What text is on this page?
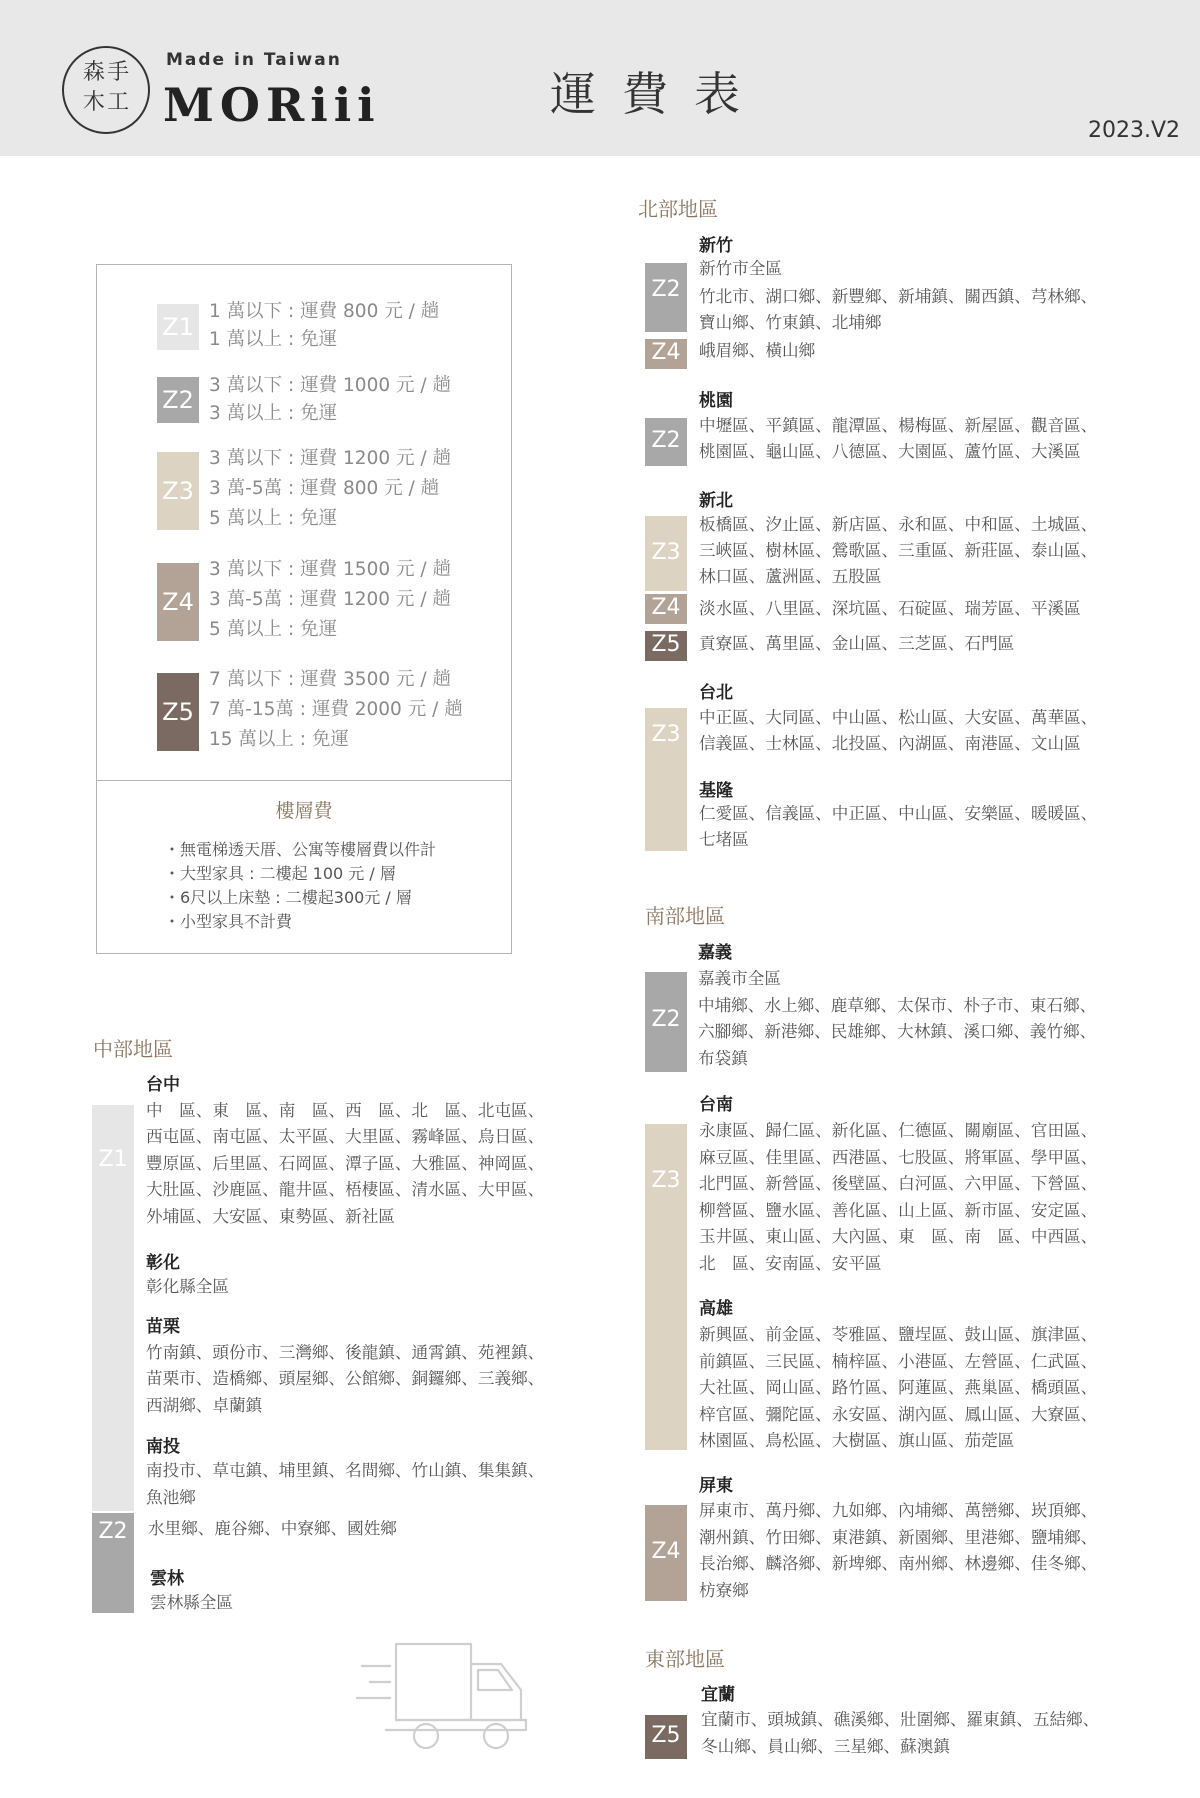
森  手
木  工
Made in Taiwan
MORiii	運費表
2023.V2
Z1
1 萬以下 : 運費 800 元 / 趟
1 萬以上 : 免運
Z2
3 萬以下 : 運費 1000 元 / 趟
3 萬以上 : 免運
Z3
3 萬以下 : 運費 1200 元 / 趟
3 萬-5萬 : 運費 800 元 / 趟
5 萬以上 : 免運
Z4
3 萬以下 : 運費 1500 元 / 趟
3 萬-5萬 : 運費 1200 元 / 趟
5 萬以上 : 免運
Z5
7 萬以下 : 運費 3500 元 / 趟
7 萬-15萬 : 運費 2000 元 / 趟
15 萬以上 : 免運
樓層費
・無電梯透天厝、公寓等樓層費以件計
・大型家具 : 二樓起 100 元 / 層
・6尺以上床墊 : 二樓起300元 / 層
・小型家具不計費
中部地區
Z1
Z2
台中
中　區、東　區、南　區、西　區、北　區、北屯區、
西屯區、南屯區、太平區、大里區、霧峰區、烏日區、
豐原區、后里區、石岡區、潭子區、大雅區、神岡區、
大肚區、沙鹿區、龍井區、梧棲區、清水區、大甲區、
外埔區、大安區、東勢區、新社區
彰化
彰化縣全區
苗栗
竹南鎮、頭份市、三灣鄉、後龍鎮、通霄鎮、苑裡鎮、
苗栗市、造橋鄉、頭屋鄉、公館鄉、銅鑼鄉、三義鄉、
西湖鄉、卓蘭鎮
南投
南投市、草屯鎮、埔里鎮、名間鄉、竹山鎮、集集鎮、
魚池鄉
水里鄉、鹿谷鄉、中寮鄉、國姓鄉
雲林
雲林縣全區
北部地區
Z2
Z4
新竹
新竹市全區
竹北市、湖口鄉、新豐鄉、新埔鎮、關西鎮、芎林鄉、
寶山鄉、竹東鎮、北埔鄉
峨眉鄉、橫山鄉
Z2
桃園
中壢區、平鎮區、龍潭區、楊梅區、新屋區、觀音區、
桃園區、龜山區、八德區、大園區、蘆竹區、大溪區
Z3
Z4
Z5
新北
板橋區、汐止區、新店區、永和區、中和區、土城區、
三峽區、樹林區、鶯歌區、三重區、新莊區、泰山區、
林口區、蘆洲區、五股區
淡水區、八里區、深坑區、石碇區、瑞芳區、平溪區
貢寮區、萬里區、金山區、三芝區、石門區
Z3
台北
中正區、大同區、中山區、松山區、大安區、萬華區、
信義區、士林區、北投區、內湖區、南港區、文山區
基隆
仁愛區、信義區、中正區、中山區、安樂區、暖暖區、
七堵區
南部地區
Z2
嘉義
嘉義市全區
中埔鄉、水上鄉、鹿草鄉、太保市、朴子市、東石鄉、
六腳鄉、新港鄉、民雄鄉、大林鎮、溪口鄉、義竹鄉、
布袋鎮
Z3
台南
永康區、歸仁區、新化區、仁德區、關廟區、官田區、
麻豆區、佳里區、西港區、七股區、將軍區、學甲區、
北門區、新營區、後壁區、白河區、六甲區、下營區、
柳營區、鹽水區、善化區、山上區、新市區、安定區、
玉井區、東山區、大內區、東　區、南　區、中西區、
北　區、安南區、安平區
高雄
新興區、前金區、苓雅區、鹽埕區、鼓山區、旗津區、
前鎮區、三民區、楠梓區、小港區、左營區、仁武區、
大社區、岡山區、路竹區、阿蓮區、燕巢區、橋頭區、
梓官區、彌陀區、永安區、湖內區、鳳山區、大寮區、
林園區、鳥松區、大樹區、旗山區、茄萣區
Z4
屏東
屏東市、萬丹鄉、九如鄉、內埔鄉、萬巒鄉、崁頂鄉、
潮州鎮、竹田鄉、東港鎮、新園鄉、里港鄉、鹽埔鄉、
長治鄉、麟洛鄉、新埤鄉、南州鄉、林邊鄉、佳冬鄉、
枋寮鄉
東部地區
Z5
宜蘭
宜蘭市、頭城鎮、礁溪鄉、壯圍鄉、羅東鎮、五結鄉、
冬山鄉、員山鄉、三星鄉、蘇澳鎮
